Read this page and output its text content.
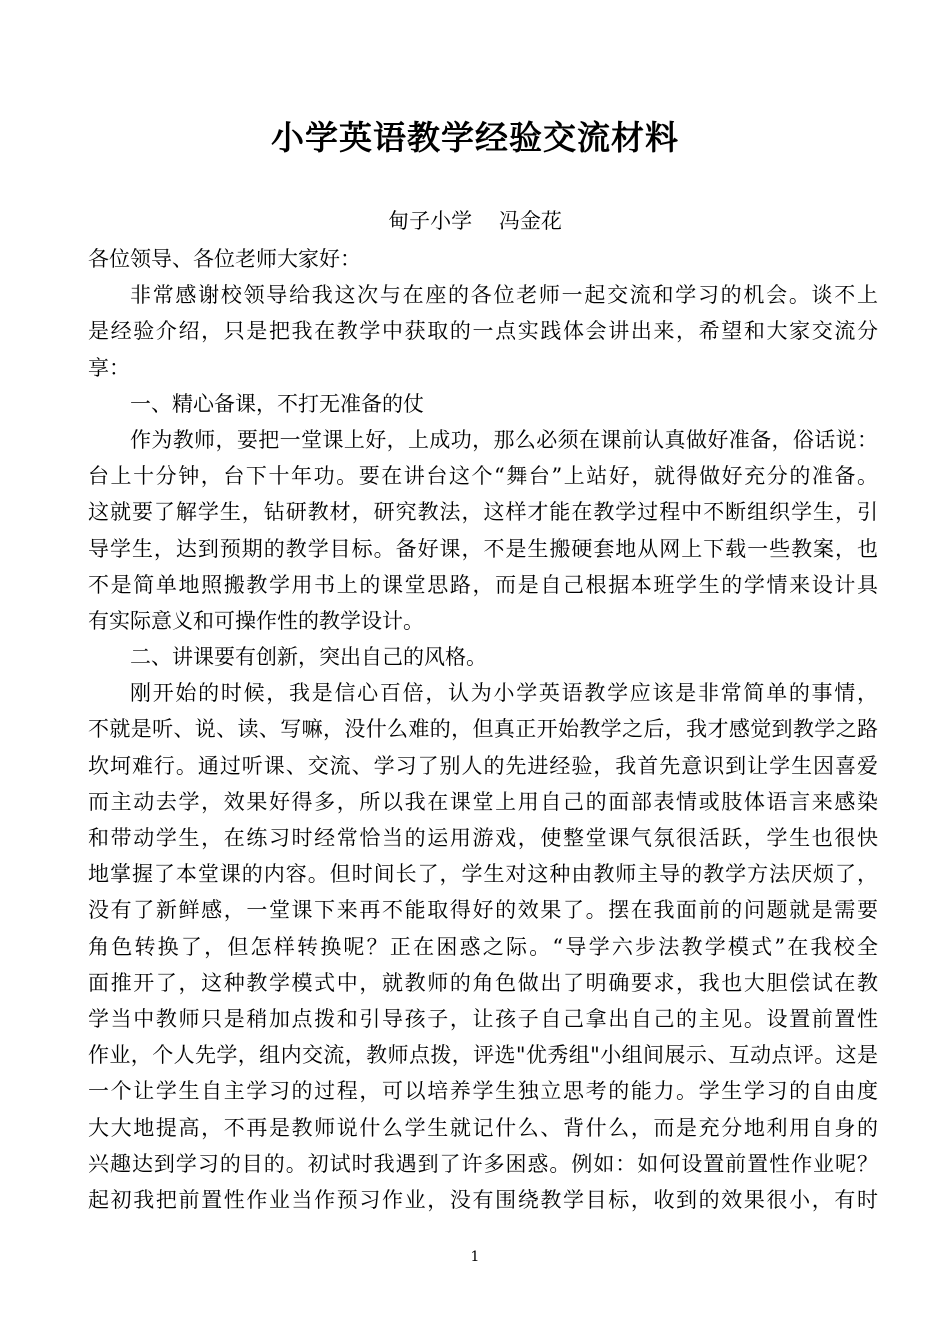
小学英语教学经验交流材料
甸子小学    冯金花
各位领导、各位老师大家好：
非常感谢校领导给我这次与在座的各位老师一起交流和学习的机会。谈不上
是经验介绍，只是把我在教学中获取的一点实践体会讲出来，希望和大家交流分
享：
一、精心备课，不打无准备的仗
作为教师，要把一堂课上好，上成功，那么必须在课前认真做好准备，俗话说：
台上十分钟，台下十年功。要在讲台这个“舞台”上站好，就得做好充分的准备。
这就要了解学生，钻研教材，研究教法，这样才能在教学过程中不断组织学生，引
导学生，达到预期的教学目标。备好课，不是生搬硬套地从网上下载一些教案，也
不是简单地照搬教学用书上的课堂思路，而是自己根据本班学生的学情来设计具
有实际意义和可操作性的教学设计。
二、讲课要有创新，突出自己的风格。
刚开始的时候，我是信心百倍，认为小学英语教学应该是非常简单的事情，
不就是听、说、读、写嘛，没什么难的，但真正开始教学之后，我才感觉到教学之路
坎坷难行。通过听课、交流、学习了别人的先进经验，我首先意识到让学生因喜爱
而主动去学，效果好得多，所以我在课堂上用自己的面部表情或肢体语言来感染
和带动学生，在练习时经常恰当的运用游戏，使整堂课气氛很活跃，学生也很快
地掌握了本堂课的内容。但时间长了，学生对这种由教师主导的教学方法厌烦了，
没有了新鲜感，一堂课下来再不能取得好的效果了。摆在我面前的问题就是需要
角色转换了，但怎样转换呢？正在困惑之际。“导学六步法教学模式”在我校全
面推开了，这种教学模式中，就教师的角色做出了明确要求，我也大胆偿试在教
学当中教师只是稍加点拨和引导孩子，让孩子自己拿出自己的主见。设置前置性
作业，个人先学，组内交流，教师点拨，评选"优秀组"小组间展示、互动点评。这是
一个让学生自主学习的过程，可以培养学生独立思考的能力。学生学习的自由度
大大地提高，不再是教师说什么学生就记什么、背什么，而是充分地利用自身的
兴趣达到学习的目的。初试时我遇到了许多困惑。例如：如何设置前置性作业呢？
起初我把前置性作业当作预习作业，没有围绕教学目标，收到的效果很小，有时
1
